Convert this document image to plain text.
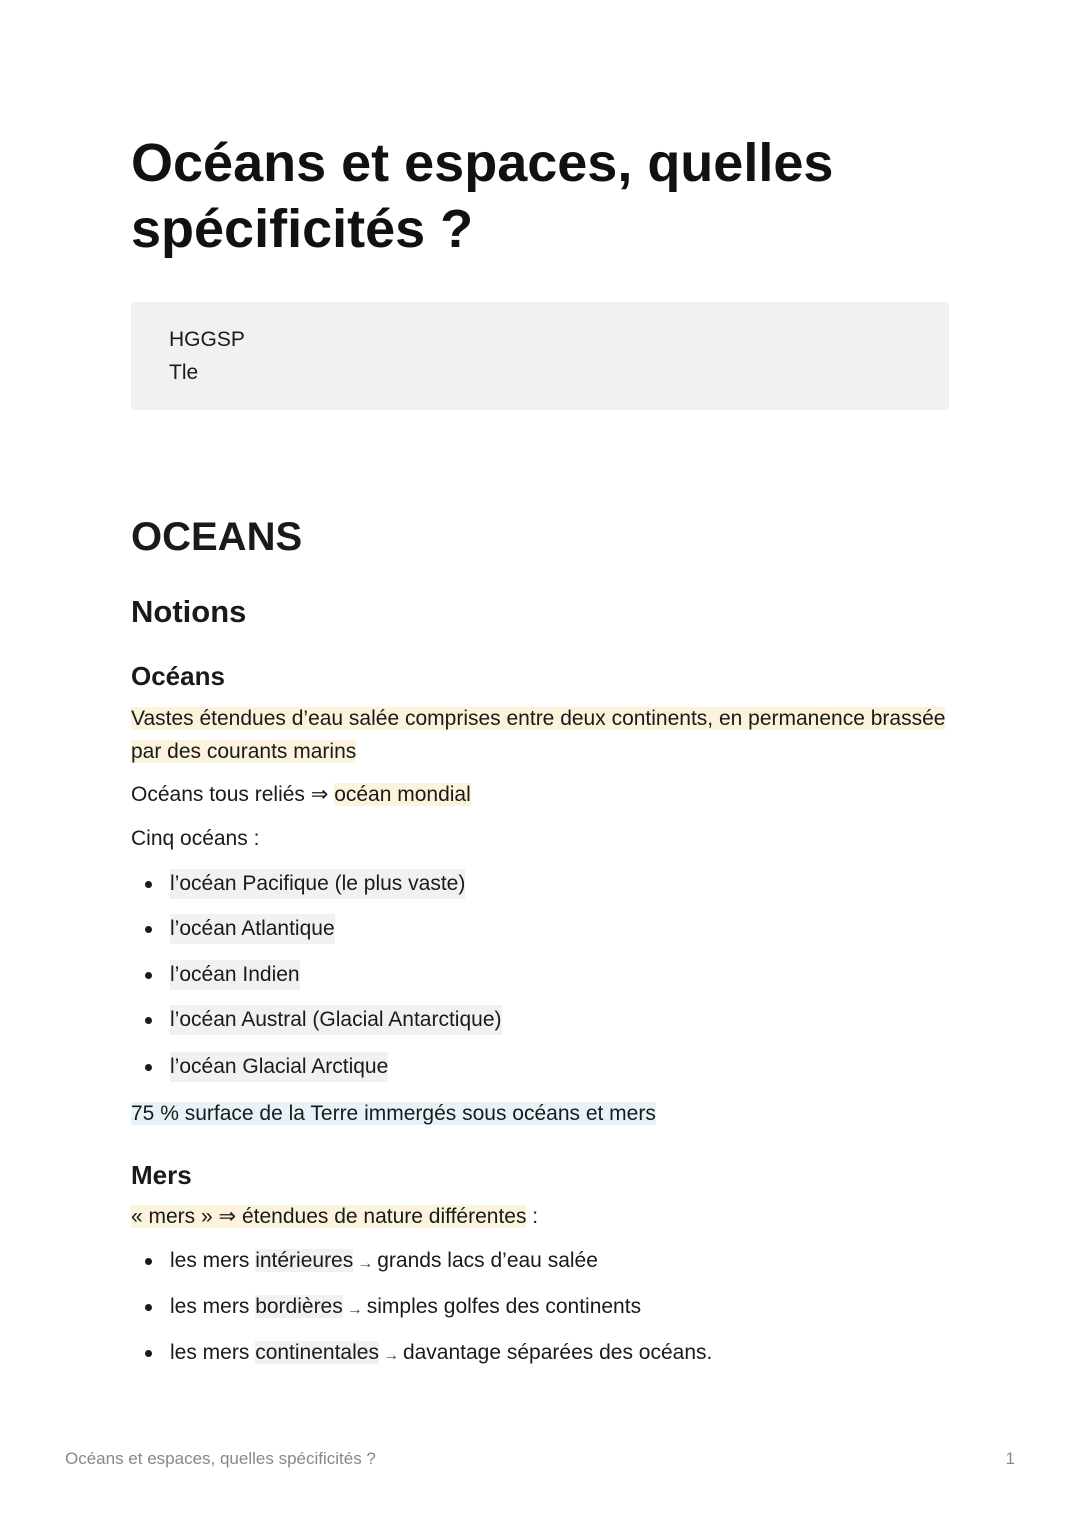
Océans et espaces, quelles spécificités ?
HGGSP
Tle
OCEANS
Notions
Océans

Vastes étendues d’eau salée comprises entre deux continents, en permanence brassée par des courants marins

Océans tous reliés ⇒ océan mondial

Cinq océans :

l’océan Pacifique (le plus vaste)
l’océan Atlantique
l’océan Indien
l’océan Austral (Glacial Antarctique)
l’océan Glacial Arctique

75 % surface de la Terre immergés sous océans et mers

Mers

« mers » ⇒ étendues de nature différentes :

les mers intérieures → grands lacs d’eau salée
les mers bordières → simples golfes des continents
les mers continentales → davantage séparées des océans.
Océans et espaces, quelles spécificités ?	1
